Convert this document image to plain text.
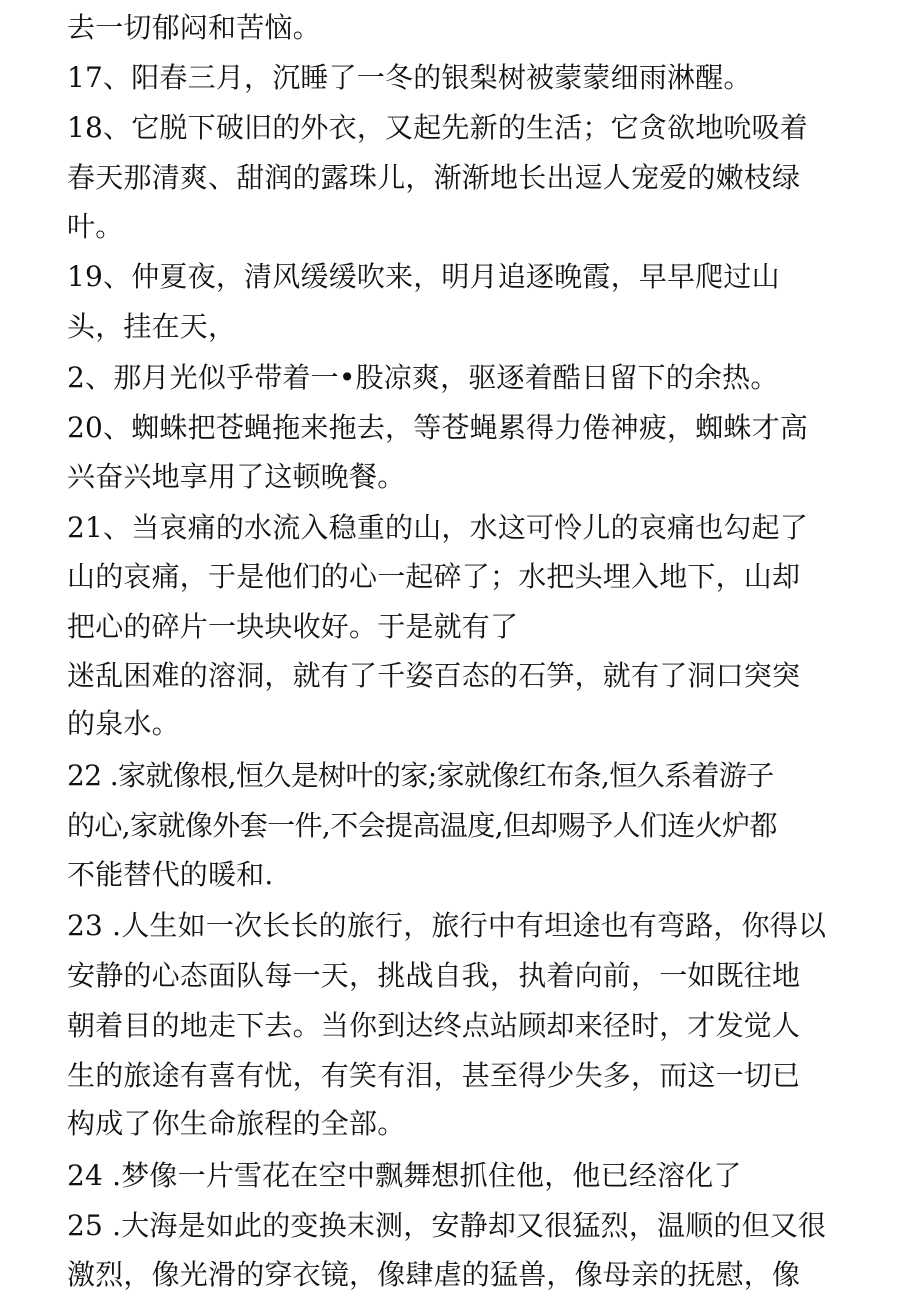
去一切郁闷和苦恼。
17、阳春三月，沉睡了一冬的银梨树被蒙蒙细雨淋醒。
18、它脱下破旧的外衣，又起先新的生活；它贪欲地吮吸着
春天那清爽、甜润的露珠儿，渐渐地长出逗人宠爱的嫩枝绿
叶。
19、仲夏夜，清风缓缓吹来，明月追逐晚霞，早早爬过山
头，挂在天，
2、那月光似乎带着一•股凉爽，驱逐着酷日留下的余热。
20、蜘蛛把苍蝇拖来拖去，等苍蝇累得力倦神疲，蜘蛛才高
兴奋兴地享用了这顿晚餐。
21、当哀痛的水流入稳重的山，水这可怜儿的哀痛也勾起了
山的哀痛，于是他们的心一起碎了；水把头埋入地下，山却
把心的碎片一块块收好。于是就有了
迷乱困难的溶洞，就有了千姿百态的石笋，就有了洞口突突
的泉水。
22 .家就像根,恒久是树叶的家;家就像红布条,恒久系着游子
的心,家就像外套一件,不会提高温度,但却赐予人们连火炉都
不能替代的暖和.
23 .人生如一次长长的旅行，旅行中有坦途也有弯路，你得以
安静的心态面队每一天，挑战自我，执着向前，一如既往地
朝着目的地走下去。当你到达终点站顾却来径时，才发觉人
生的旅途有喜有忧，有笑有泪，甚至得少失多，而这一切已
构成了你生命旅程的全部。
24 .梦像一片雪花在空中飘舞想抓住他，他已经溶化了
25 .大海是如此的变换末测，安静却又很猛烈，温顺的但又很
激烈，像光滑的穿衣镜，像肆虐的猛兽，像母亲的抚慰，像
